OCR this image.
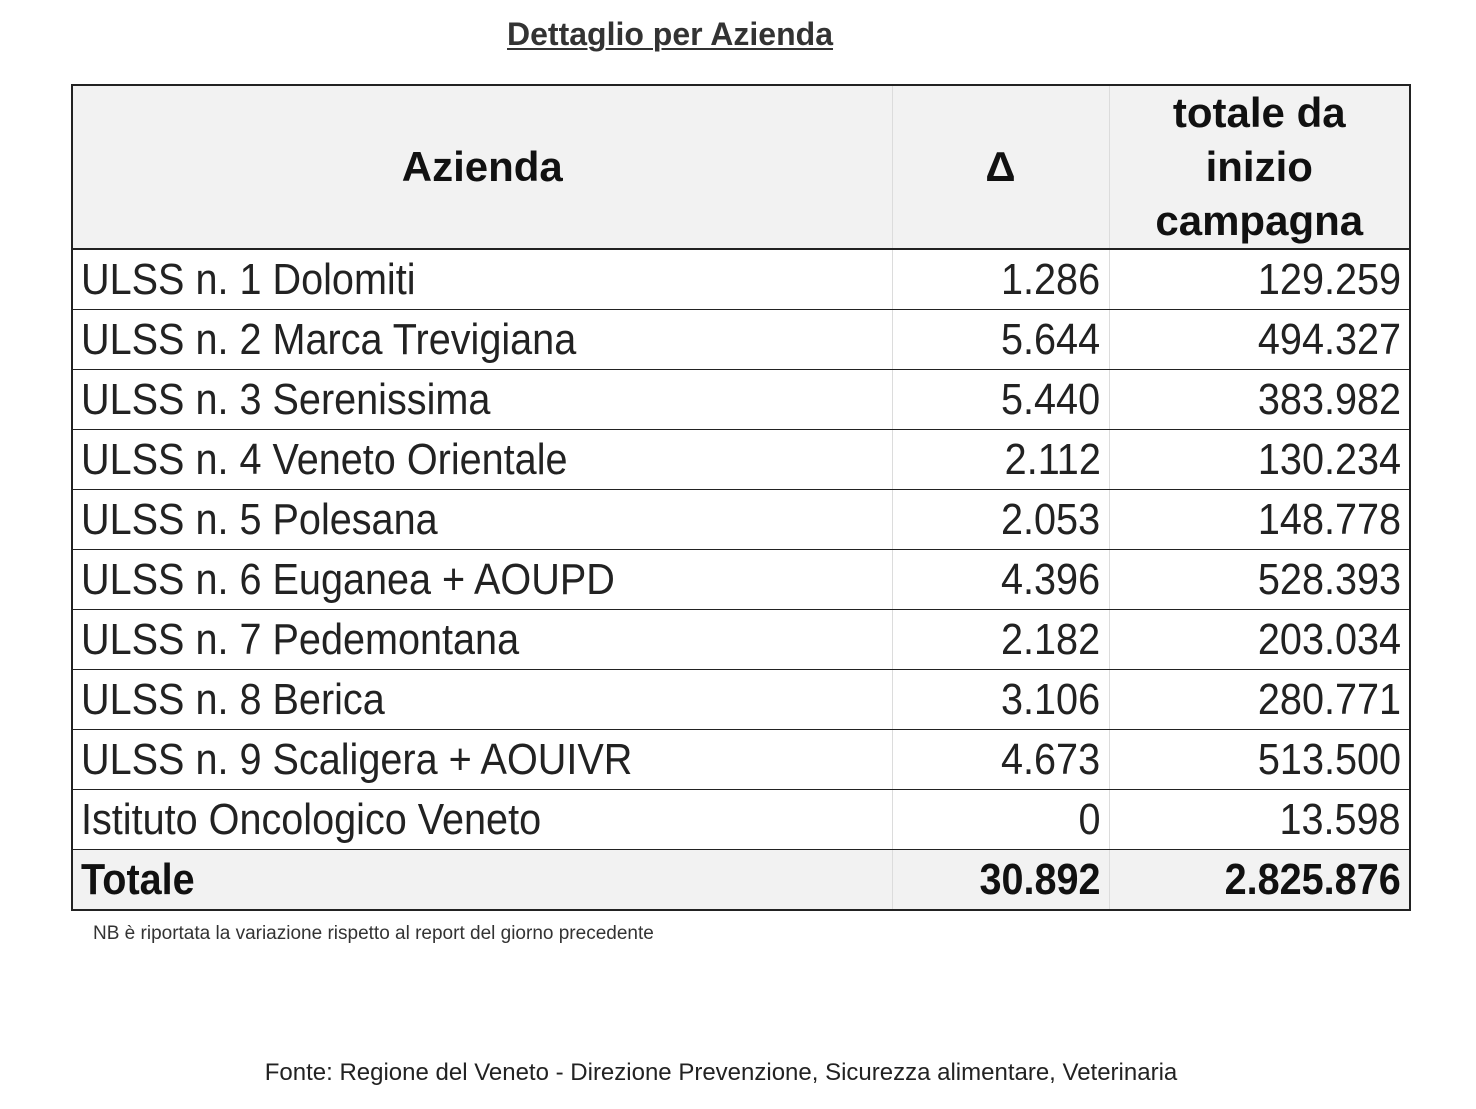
Dettaglio per Azienda
Azienda	Δ	totale da inizio campagna
ULSS n. 1 Dolomiti	1.286	129.259
ULSS n. 2 Marca Trevigiana	5.644	494.327
ULSS n. 3 Serenissima	5.440	383.982
ULSS n. 4 Veneto Orientale	2.112	130.234
ULSS n. 5 Polesana	2.053	148.778
ULSS n. 6 Euganea + AOUPD	4.396	528.393
ULSS n. 7 Pedemontana	2.182	203.034
ULSS n. 8 Berica	3.106	280.771
ULSS n. 9 Scaligera + AOUIVR	4.673	513.500
Istituto Oncologico Veneto	0	13.598
Totale	30.892	2.825.876
NB è riportata la variazione rispetto al report del giorno precedente
Fonte: Regione del Veneto - Direzione Prevenzione, Sicurezza alimentare, Veterinaria
